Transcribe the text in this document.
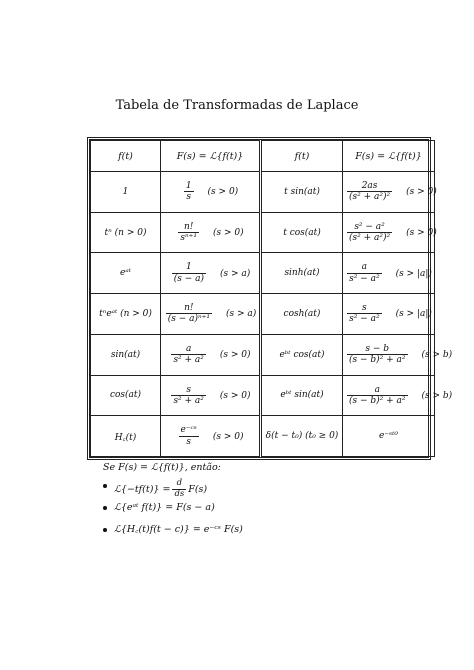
Tabela de Transformadas de Laplace
f(t)	F(s) = ℒ{f(t)}	f(t)	F(s) = ℒ{f(t)}
1	$\frac{1}{s} (s > 0)$	t sin(at)	$\frac{2as}{\text{(s² + a²)²}} (s > 0)$
tⁿ (n > 0)	$\frac{n!}{\text{sⁿ⁺¹}} (s > 0)$	t cos(at)	$\frac{\text{s² − a²}}{\text{(s² + a²)²}} (s > 0)$
eᵃᵗ	$\frac{1}{(s - a)} (s > a)$	sinh(at)	$\frac{a}{\text{s² − a²}} (s > |a|)$
tⁿeᵃᵗ (n > 0)	$\frac{n!}{\text{(s − a)ⁿ⁺¹}} (s > a)$	cosh(at)	$\frac{s}{\text{s² − a²}} (s > |a|)$
sin(at)	$\frac{a}{\text{s² + a²}} (s > 0)$	eᵇᵗ cos(at)	$\frac{s - b}{\text{(s − b)² + a²}} (s > b)$
cos(at)	$\frac{s}{\text{s² + a²}} (s > 0)$	eᵇᵗ sin(at)	$\frac{a}{\text{(s − b)² + a²}} (s > b)$
H꜀(t)	$\frac{\text{e⁻ᶜˢ}}{s} (s > 0)$	δ(t − t₀) (t₀ ≥ 0)	e⁻ˢᵗ⁰
Se F(s) = ℒ{f(t)}, então:
ℒ{−tf(t)} = $\frac{d}{ds} F(s)$
ℒ{eᵃᵗ f(t)} = F(s − a)
ℒ{H꜀(t)f(t − c)} = e⁻ᶜˢ F(s)
